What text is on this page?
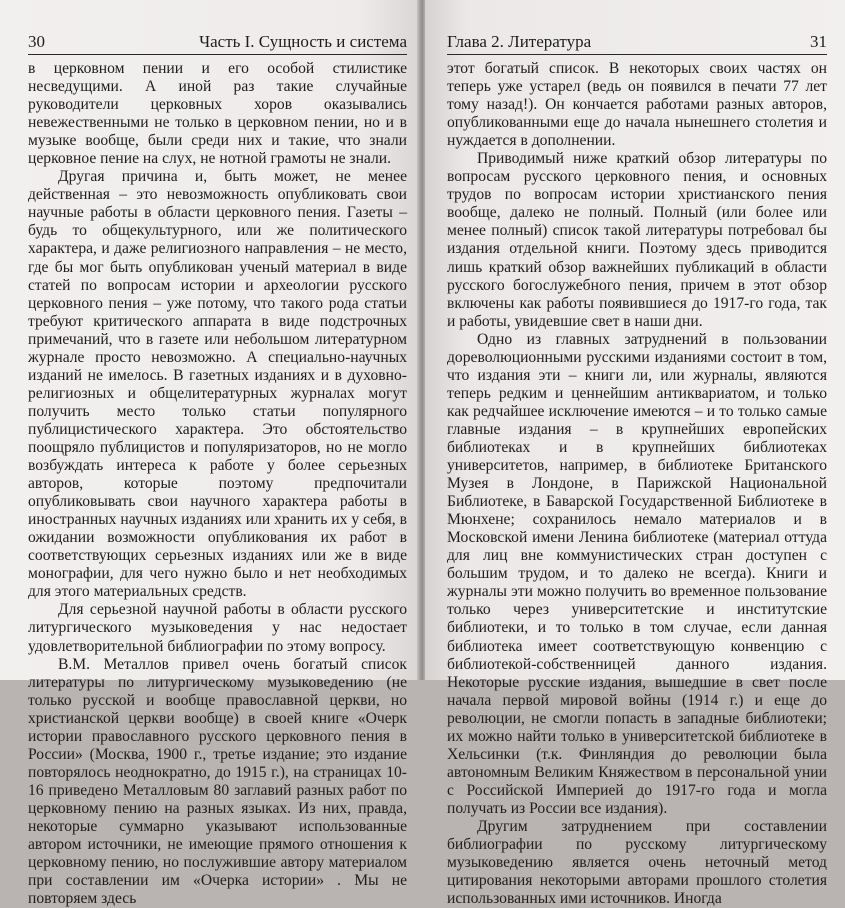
30	Часть I. Сущность и система

в церковном пении и его особой стилистике несведущими. А иной раз такие случайные руководители церковных хоров оказывались невежественными не только в церковном пении, но и в музыке вообще, были среди них и такие, что знали церковное пение на слух, не нотной грамоты не знали.

Другая причина и, быть может, не менее действенная – это невозможность опубликовать свои научные работы в области церковного пения. Газеты – будь то общекультурного, или же политического характера, и даже религиозного направления – не место, где бы мог быть опубликован ученый материал в виде статей по вопросам истории и археологии русского церковного пения – уже потому, что такого рода статьи требуют критического аппарата в виде подстрочных примечаний, что в газете или небольшом литературном журнале просто невозможно. А специально-научных изданий не имелось. В газетных изданиях и в духовно-религиозных и общелитературных журналах могут получить место только статьи популярного публицистического характера. Это обстоятельство поощряло публицистов и популяризаторов, но не могло возбуждать интереса к работе у более серьезных авторов, которые поэтому предпочитали опубликовывать свои научного характера работы в иностранных научных изданиях или хранить их у себя, в ожидании возможности опубликования их работ в соответствующих серьезных изданиях или же в виде монографии, для чего нужно было и нет необходимых для этого материальных средств.

Для серьезной научной работы в области русского литургического музыковедения у нас недостает удовлетворительной библиографии по этому вопросу.

В.М. Металлов привел очень богатый список литературы по литургическому музыковедению (не только русской и вообще православной церкви, но христианской церкви вообще) в своей книге «Очерк истории православного русского церковного пения в России» (Москва, 1900 г., третье издание; это издание повторялось неоднократно, до 1915 г.), на страницах 10-16 приведено Металловым 80 заглавий разных работ по церковному пению на разных языках. Из них, правда, некоторые суммарно указывают использованные автором источники, не имеющие прямого отношения к церковному пению, но послужившие автору материалом при составлении им «Очерка истории» . Мы не повторяем здесь

Глава 2. Литература	31

этот богатый список. В некоторых своих частях он теперь уже устарел (ведь он появился в печати 77 лет тому назад!). Он кончается работами разных авторов, опубликованными еще до начала нынешнего столетия и нуждается в дополнении.

Приводимый ниже краткий обзор литературы по вопросам русского церковного пения, и основных трудов по вопросам истории христианского пения вообще, далеко не полный. Полный (или более или менее полный) список такой литературы потребовал бы издания отдельной книги. Поэтому здесь приводится лишь краткий обзор важнейших публикаций в области русского богослужебного пения, причем в этот обзор включены как работы появившиеся до 1917-го года, так и работы, увидевшие свет в наши дни.

Одно из главных затруднений в пользовании дореволюционными русскими изданиями состоит в том, что издания эти – книги ли, или журналы, являются теперь редким и ценнейшим антиквариатом, и только как редчайшее исключение имеются – и то только самые главные издания – в крупнейших европейских библиотеках и в крупнейших библиотеках университетов, например, в библиотеке Британского Музея в Лондоне, в Парижской Национальной Библиотеке, в Баварской Государственной Библиотеке в Мюнхене; сохранилось немало материалов и в Московской имени Ленина библиотеке (материал оттуда для лиц вне коммунистических стран доступен с большим трудом, и то далеко не всегда). Книги и журналы эти можно получить во временное пользование только через университетские и институтские библиотеки, и то только в том случае, если данная библиотека имеет соответствующую конвенцию с библиотекой-собственницей данного издания. Некоторые русские издания, вышедшие в свет после начала первой мировой войны (1914 г.) и еще до революции, не смогли попасть в западные библиотеки; их можно найти только в университетской библиотеке в Хельсинки (т.к. Финляндия до революции была автономным Великим Княжеством в персональной унии с Российской Империей до 1917-го года и могла получать из России все издания).

Другим затруднением при составлении библиографии по русскому литургическому музыковедению является очень неточный метод цитирования некоторыми авторами прошлого столетия использованных ими источников. Иногда
